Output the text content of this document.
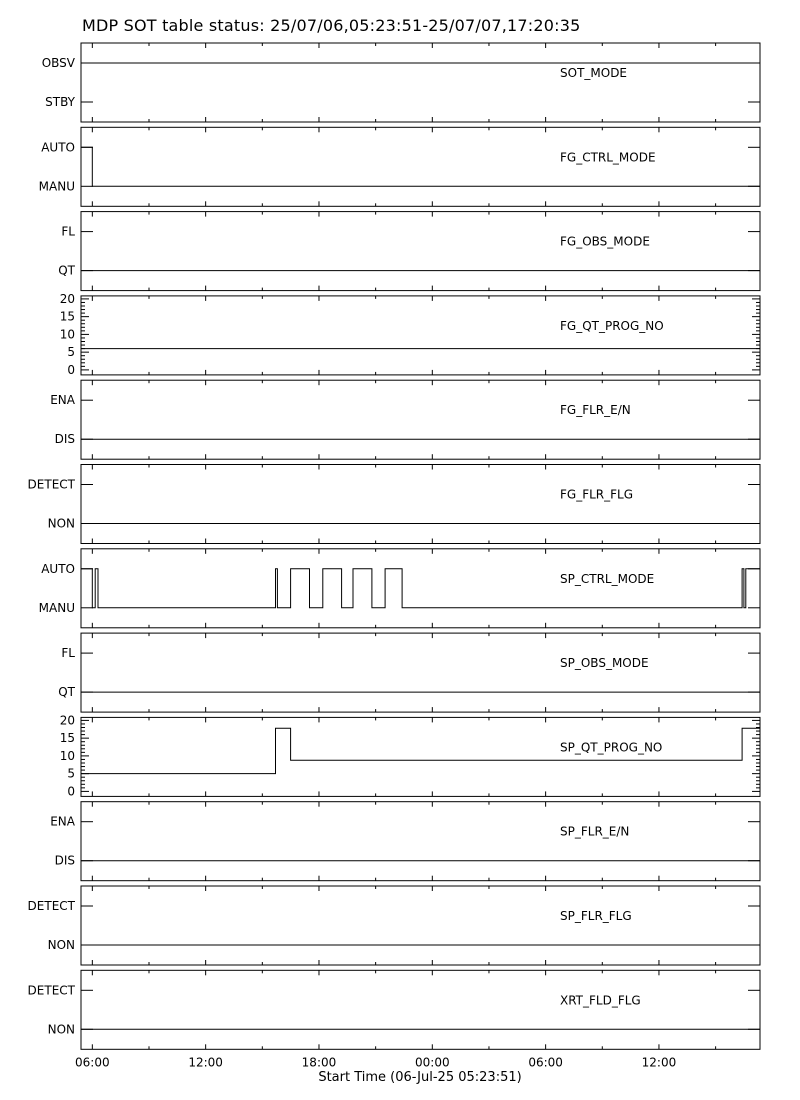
MDP SOT table status: 25/07/06,05:23:51-25/07/07,17:20:35
OBSV
STBY
SOT_MODE
AUTO
MANU
FG_CTRL_MODE
FL
QT
FG_OBS_MODE
0
5
10
15
20
FG_QT_PROG_NO
ENA
DIS
FG_FLR_E/N
DETECT
NON
FG_FLR_FLG
AUTO
MANU
SP_CTRL_MODE
FL
QT
SP_OBS_MODE
0
5
10
15
20
SP_QT_PROG_NO
ENA
DIS
SP_FLR_E/N
DETECT
NON
SP_FLR_FLG
DETECT
NON
XRT_FLD_FLG
06:00	12:00	18:00	00:00	06:00	12:00
Start Time (06-Jul-25 05:23:51)
